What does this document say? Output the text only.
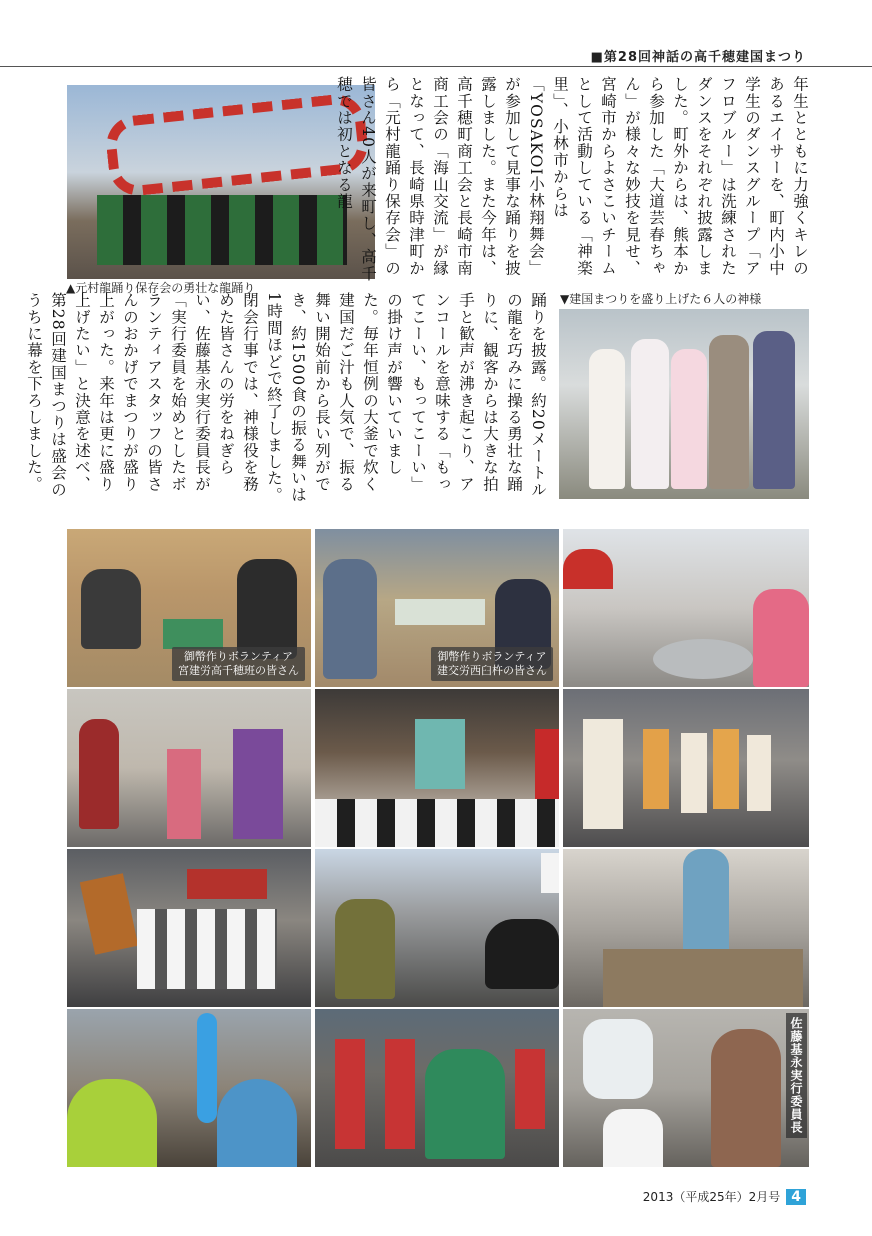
■第28回神話の高千穂建国まつり
▲元村龍踊り保存会の勇壮な龍踊り

年生とともに力強くキレのあるエイサーを、町内小中学生のダンスグループ「アフロブルー」は洗練されたダンスをそれぞれ披露しました。町外からは、熊本から参加した「大道芸春ちゃん」が様々な妙技を見せ、宮崎市からよさこいチームとして活動している「神楽里」、小林市からは「YOSAKOI小林翔舞会」が参加して見事な踊りを披露しました。また今年は、高千穂町商工会と長崎市南商工会の「海山交流」が縁となって、長崎県時津町から「元村龍踊り保存会」の皆さん40人が来町し、高千穂では初となる龍

▼建国まつりを盛り上げた６人の神様

踊りを披露。約20メートルの龍を巧みに操る勇壮な踊りに、観客からは大きな拍手と歓声が沸き起こり、アンコールを意味する「もってこーい、もってこーい」の掛け声が響いていました。毎年恒例の大釜で炊く建国だご汁も人気で、振る舞い開始前から長い列ができ、約1500食の振る舞いは1時間ほどで終了しました。閉会行事では、神様役を務めた皆さんの労をねぎらい、佐藤基永実行委員長が「実行委員を始めとしたボランティアスタッフの皆さんのおかげでまつりが盛り上がった。来年は更に盛り上げたい」と決意を述べ、第28回建国まつりは盛会のうちに幕を下ろしました。

御幣作りボランティア
宮建労高千穂班の皆さん
御幣作りボランティア
建交労西臼杵の皆さん
佐藤基永実行委員長
2013（平成25年）2月号 4
